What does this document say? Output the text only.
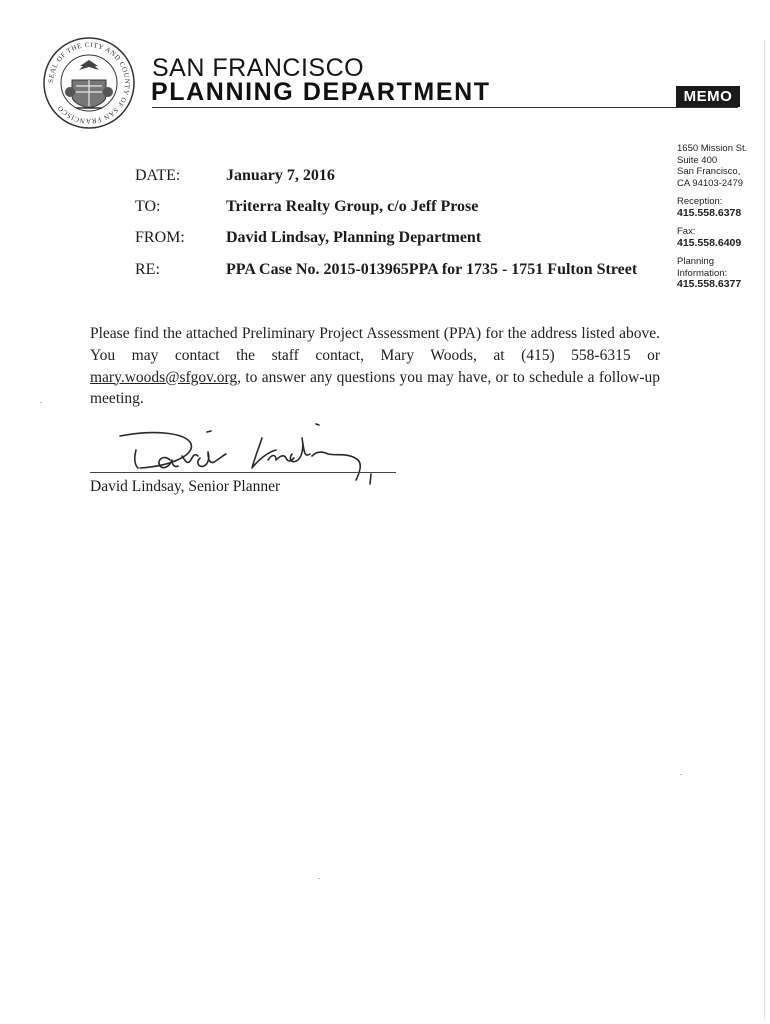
SEAL OF THE CITY AND COUNTY OF SAN FRANCISCO
SAN FRANCISCO
PLANNING DEPARTMENT	MEMO
1650 Mission St.
Suite 400
San Francisco,
CA 94103-2479
Reception:
415.558.6378
Fax:
415.558.6409
Planning
Information:
415.558.6377
DATE:	January 7, 2016
TO:	Triterra Realty Group, c/o Jeff Prose
FROM:	David Lindsay, Planning Department
RE:	PPA Case No. 2015-013965PPA for 1735 - 1751 Fulton Street
Please find the attached Preliminary Project Assessment (PPA) for the address listed above. You may contact the staff contact, Mary Woods, at (415) 558-6315 or mary.woods@sfgov.org, to answer any questions you may have, or to schedule a follow-up meeting.
David Lindsay, Senior Planner
